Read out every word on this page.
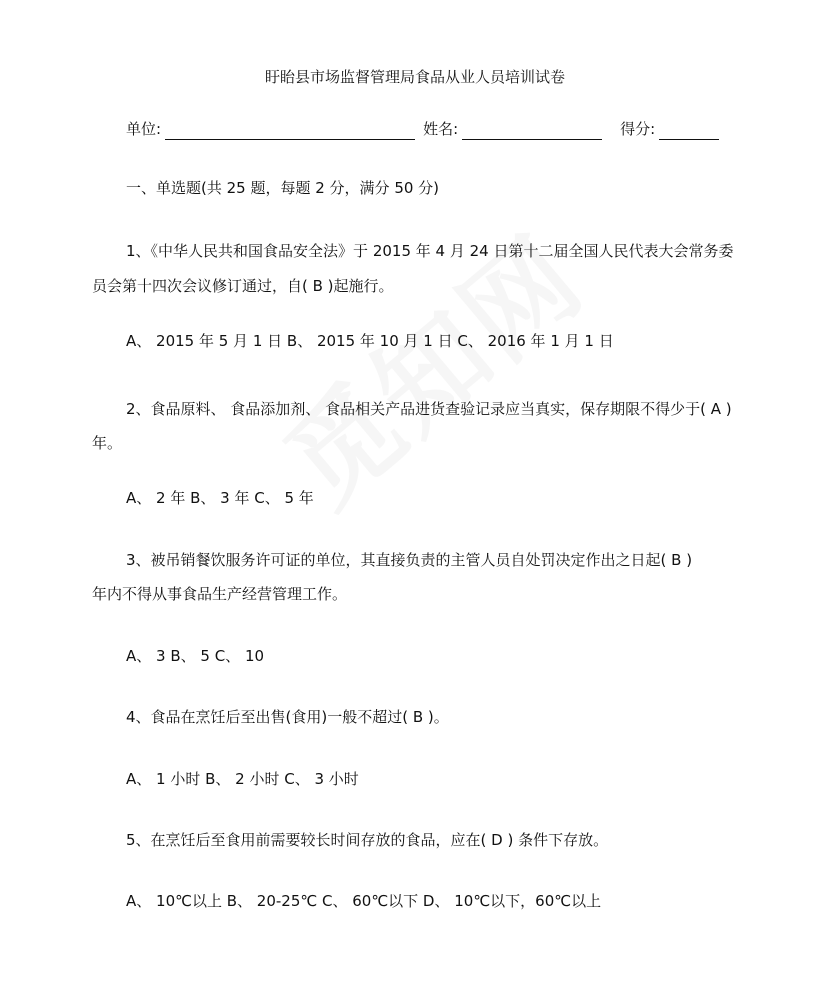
盱眙县市场监督管理局食品从业人员培训试卷
单位:	姓名:	得分:
一、单选题(共 25 题，每题 2 分，满分 50 分)
1、《中华人民共和国食品安全法》于 2015 年 4 月 24 日第十二届全国人民代表大会常务委
员会第十四次会议修订通过，自( B )起施行。
A、 2015 年 5 月 1 日 B、 2015 年 10 月 1 日 C、 2016 年 1 月 1 日
2、食品原料、 食品添加剂、 食品相关产品进货查验记录应当真实，保存期限不得少于( A )
年。
A、 2 年 B、 3 年 C、 5 年
3、被吊销餐饮服务许可证的单位，其直接负责的主管人员自处罚决定作出之日起( B )
年内不得从事食品生产经营管理工作。
A、 3 B、 5 C、 10
4、食品在烹饪后至出售(食用)一般不超过( B )。
A、 1 小时 B、 2 小时 C、 3 小时
5、在烹饪后至食用前需要较长时间存放的食品，应在( D ) 条件下存放。
A、 10℃以上 B、 20-25℃ C、 60℃以下 D、 10℃以下，60℃以上
